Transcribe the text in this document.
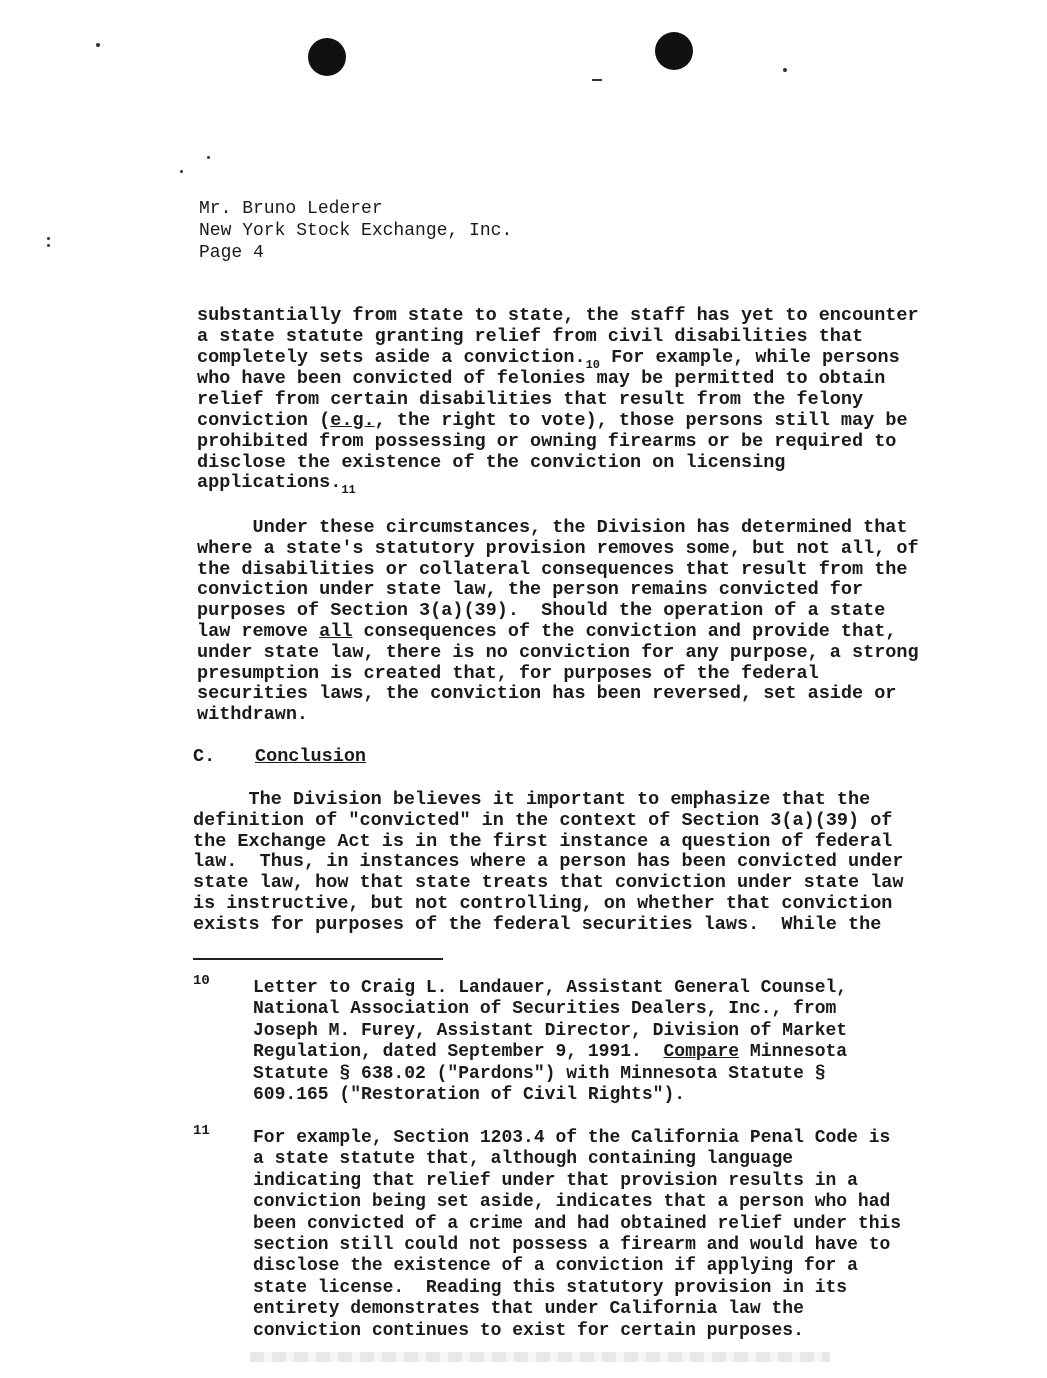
Mr. Bruno Lederer
New York Stock Exchange, Inc.
Page 4
substantially from state to state, the staff has yet to encounter
a state statute granting relief from civil disabilities that
completely sets aside a $conviction._{10}$ For example, while persons
who have been convicted of felonies may be permitted to obtain
relief from certain disabilities that result from the felony
conviction (e.g., the right to vote), those persons still may be
prohibited from possessing or owning firearms or be required to
disclose the existence of the conviction on licensing
$applications._{11}$
Under these circumstances, the Division has determined that
where a state's statutory provision removes some, but not all, of
the disabilities or collateral consequences that result from the
conviction under state law, the person remains convicted for
purposes of Section 3(a)(39).  Should the operation of a state
law remove all consequences of the conviction and provide that,
under state law, there is no conviction for any purpose, a strong
presumption is created that, for purposes of the federal
securities laws, the conviction has been reversed, set aside or
withdrawn.
C. Conclusion
The Division believes it important to emphasize that the
definition of "convicted" in the context of Section 3(a)(39) of
the Exchange Act is in the first instance a question of federal
law.  Thus, in instances where a person has been convicted under
state law, how that state treats that conviction under state law
is instructive, but not controlling, on whether that conviction
exists for purposes of the federal securities laws.  While the
10 Letter to Craig L. Landauer, Assistant General Counsel,
National Association of Securities Dealers, Inc., from
Joseph M. Furey, Assistant Director, Division of Market
Regulation, dated September 9, 1991.  Compare Minnesota
Statute § 638.02 ("Pardons") with Minnesota Statute §
609.165 ("Restoration of Civil Rights").
11 For example, Section 1203.4 of the California Penal Code is
a state statute that, although containing language
indicating that relief under that provision results in a
conviction being set aside, indicates that a person who had
been convicted of a crime and had obtained relief under this
section still could not possess a firearm and would have to
disclose the existence of a conviction if applying for a
state license.  Reading this statutory provision in its
entirety demonstrates that under California law the
conviction continues to exist for certain purposes.
